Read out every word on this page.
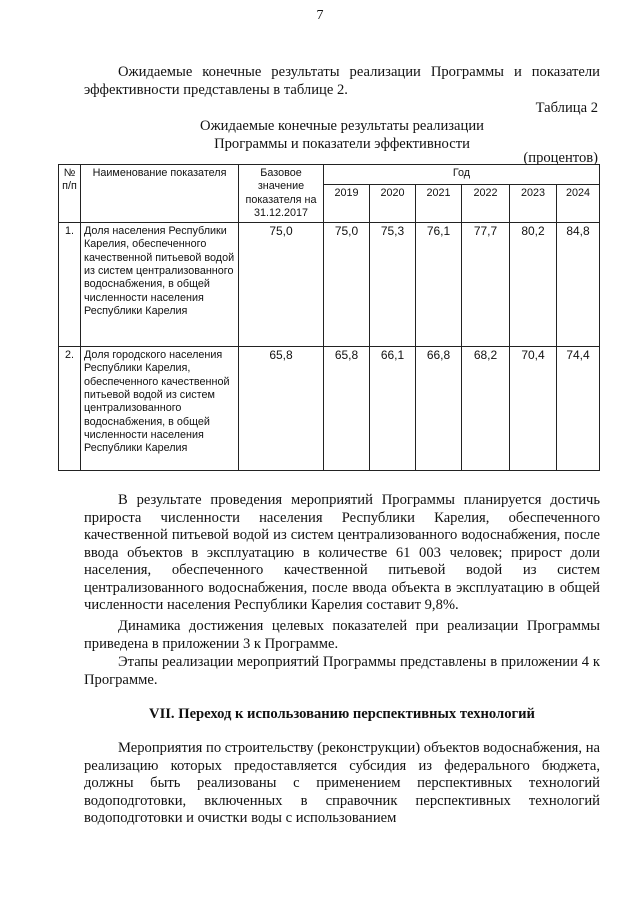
7

Ожидаемые конечные результаты реализации Программы и показатели эффективности представлены в таблице 2.

Таблица 2
Ожидаемые конечные результаты реализации
Программы и показатели эффективности
(процентов)
№ п/п	Наименование показателя	Базовое значение показателя на 31.12.2017	Год					
			2019	2020	2021	2022	2023	2024
1.	Доля населения Республики Карелия, обеспеченного качественной питьевой водой из систем централизованного водоснабжения, в общей численности населения Республики Карелия	75,0	75,0	75,3	76,1	77,7	80,2	84,8
2.	Доля городского населения Республики Карелия, обеспеченного качественной питьевой водой из систем централизованного водоснабжения, в общей численности населения Республики Карелия	65,8	65,8	66,1	66,8	68,2	70,4	74,4

В результате проведения мероприятий Программы планируется достичь прироста численности населения Республики Карелия, обеспеченного качественной питьевой водой из систем централизованного водоснабжения, после ввода объектов в эксплуатацию в количестве 61 003 человек; прирост доли населения, обеспеченного качественной питьевой водой из систем централизованного водоснабжения, после ввода объекта в эксплуатацию в общей численности населения Республики Карелия составит 9,8%.

Динамика достижения целевых показателей при реализации Программы приведена в приложении 3 к Программе.

Этапы реализации мероприятий Программы представлены в приложении 4 к Программе.

VII. Переход к использованию перспективных технологий

Мероприятия по строительству (реконструкции) объектов водоснабжения, на реализацию которых предоставляется субсидия из федерального бюджета, должны быть реализованы с применением перспективных технологий водоподготовки, включенных в справочник перспективных технологий водоподготовки и очистки воды с использованием
